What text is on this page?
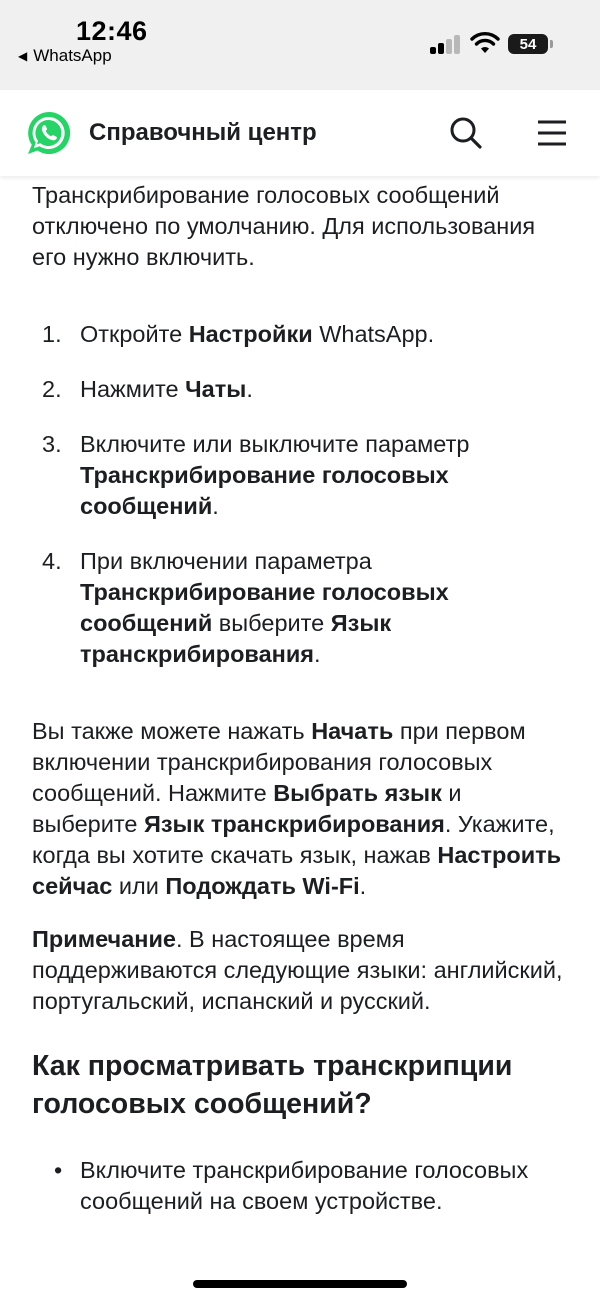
12:46
◀ WhatsApp
54
Справочный центр

Транскрибирование голосовых сообщений отключено по умолчанию. Для использования его нужно включить.

1. Откройте Настройки WhatsApp.
2. Нажмите Чаты.
3. Включите или выключите параметр Транскрибирование голосовых сообщений.
4. При включении параметра Транскрибирование голосовых сообщений выберите Язык транскрибирования.

Вы также можете нажать Начать при первом включении транскрибирования голосовых сообщений. Нажмите Выбрать язык и выберите Язык транскрибирования. Укажите, когда вы хотите скачать язык, нажав Настроить сейчас или Подождать Wi-Fi.

Примечание. В настоящее время поддерживаются следующие языки: английский, португальский, испанский и русский.

Как просматривать транскрипции голосовых сообщений?
• Включите транскрибирование голосовых сообщений на своем устройстве.
